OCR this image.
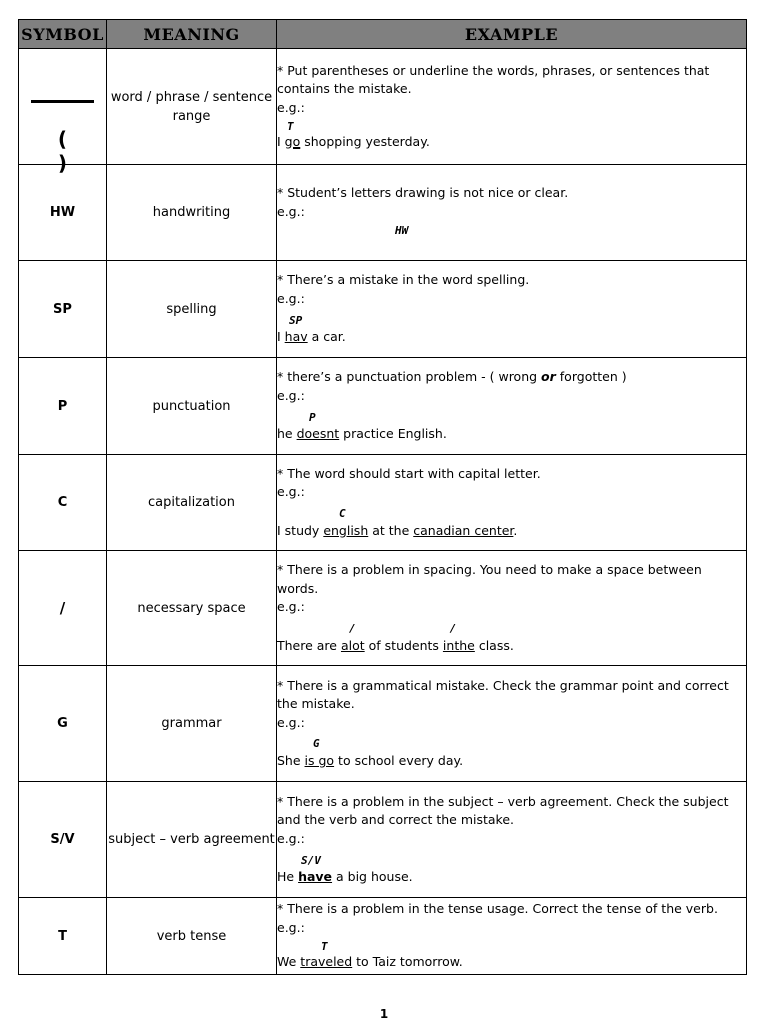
SYMBOL	MEANING	EXAMPLE

( )	word / phrase / sentence range	* Put parentheses or underline the words, phrases, or sentences that contains the mistake.
e.g.:
T
I go shopping yesterday.

HW	handwriting	* Student’s letters drawing is not nice or clear.
e.g.:
HW

SP	spelling	* There’s a mistake in the word spelling.
e.g.:
SP
I hav a car.

P	punctuation	* there’s a punctuation problem - ( wrong or forgotten )
e.g.:
P
he doesnt practice English.

C	capitalization	* The word should start with capital letter.
e.g.:
C
I study english at the canadian center.

/	necessary space	* There is a problem in spacing. You need to make a space between words.
e.g.:
/ /
There are alot of students inthe class.

G	grammar	* There is a grammatical mistake. Check the grammar point and correct the mistake.
e.g.:
G
She is go to school every day.

S/V	subject – verb agreement	* There is a problem in the subject – verb agreement. Check the subject and the verb and correct the mistake.
e.g.:
S/V
He have a big house.

T	verb tense	* There is a problem in the tense usage. Correct the tense of the verb.
e.g.:
T
We traveled to Taiz tomorrow.
1
